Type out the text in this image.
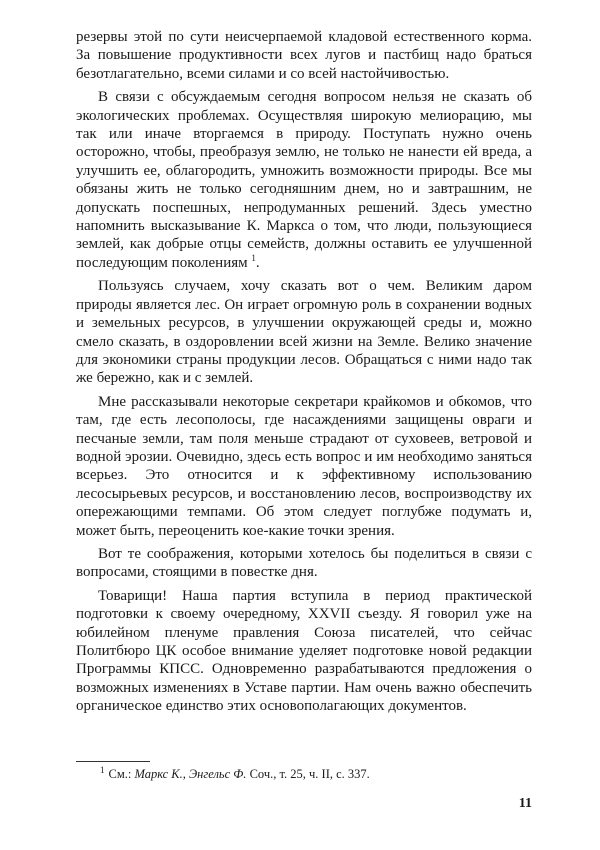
резервы этой по сути неисчерпаемой кладовой естественного корма. За повышение продуктивности всех лугов и пастбищ надо браться безотлагательно, всеми силами и со всей настойчивостью.

В связи с обсуждаемым сегодня вопросом нельзя не сказать об экологических проблемах. Осуществляя широкую мелиорацию, мы так или иначе вторгаемся в природу. Поступать нужно очень осторожно, чтобы, преобразуя землю, не только не нанести ей вреда, а улучшить ее, облагородить, умножить возможности природы. Все мы обязаны жить не только сегодняшним днем, но и завтрашним, не допускать поспешных, непродуманных решений. Здесь уместно напомнить высказывание К. Маркса о том, что люди, пользующиеся землей, как добрые отцы семейств, должны оставить ее улучшенной последующим поколениям $^1$.

Пользуясь случаем, хочу сказать вот о чем. Великим даром природы является лес. Он играет огромную роль в сохранении водных и земельных ресурсов, в улучшении окружающей среды и, можно смело сказать, в оздоровлении всей жизни на Земле. Велико значение для экономики страны продукции лесов. Обращаться с ними надо так же бережно, как и с землей.

Мне рассказывали некоторые секретари крайкомов и обкомов, что там, где есть лесополосы, где насаждениями защищены овраги и песчаные земли, там поля меньше страдают от суховеев, ветровой и водной эрозии. Очевидно, здесь есть вопрос и им необходимо заняться всерьез. Это относится и к эффективному использованию лесосырьевых ресурсов, и восстановлению лесов, воспроизводству их опережающими темпами. Об этом следует поглубже подумать и, может быть, переоценить кое-какие точки зрения.

Вот те соображения, которыми хотелось бы поделиться в связи с вопросами, стоящими в повестке дня.

Товарищи! Наша партия вступила в период практической подготовки к своему очередному, XXVII съезду. Я говорил уже на юбилейном пленуме правления Союза писателей, что сейчас Политбюро ЦК особое внимание уделяет подготовке новой редакции Программы КПСС. Одновременно разрабатываются предложения о возможных изменениях в Уставе партии. Нам очень важно обеспечить органическое единство этих основополагающих документов.

$^1$ См.: Маркс К., Энгельс Ф. Соч., т. 25, ч. II, с. 337.
11
